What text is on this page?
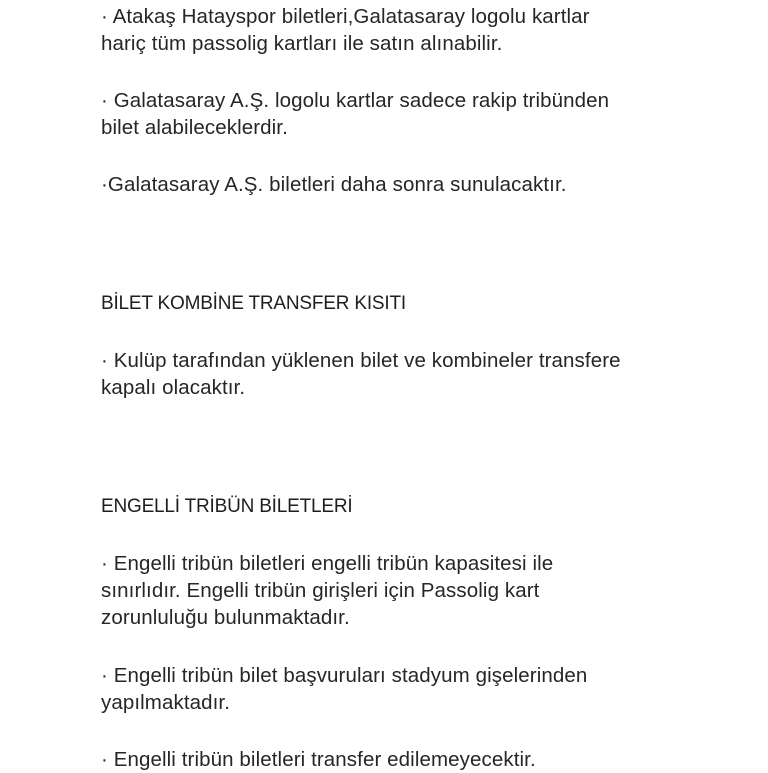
· Atakaş Hatayspor biletleri,Galatasaray logolu kartlar
hariç tüm passolig kartları ile satın alınabilir.
· Galatasaray A.Ş. logolu kartlar sadece rakip tribünden
bilet alabileceklerdir.
·Galatasaray A.Ş. biletleri daha sonra sunulacaktır.
BİLET KOMBİNE TRANSFER KISITI
· Kulüp tarafından yüklenen bilet ve kombineler transfere
kapalı olacaktır.
ENGELLİ TRİBÜN BİLETLERİ
· Engelli tribün biletleri engelli tribün kapasitesi ile
sınırlıdır. Engelli tribün girişleri için Passolig kart
zorunluluğu bulunmaktadır.
· Engelli tribün bilet başvuruları stadyum gişelerinden
yapılmaktadır.
· Engelli tribün biletleri transfer edilemeyecektir.
